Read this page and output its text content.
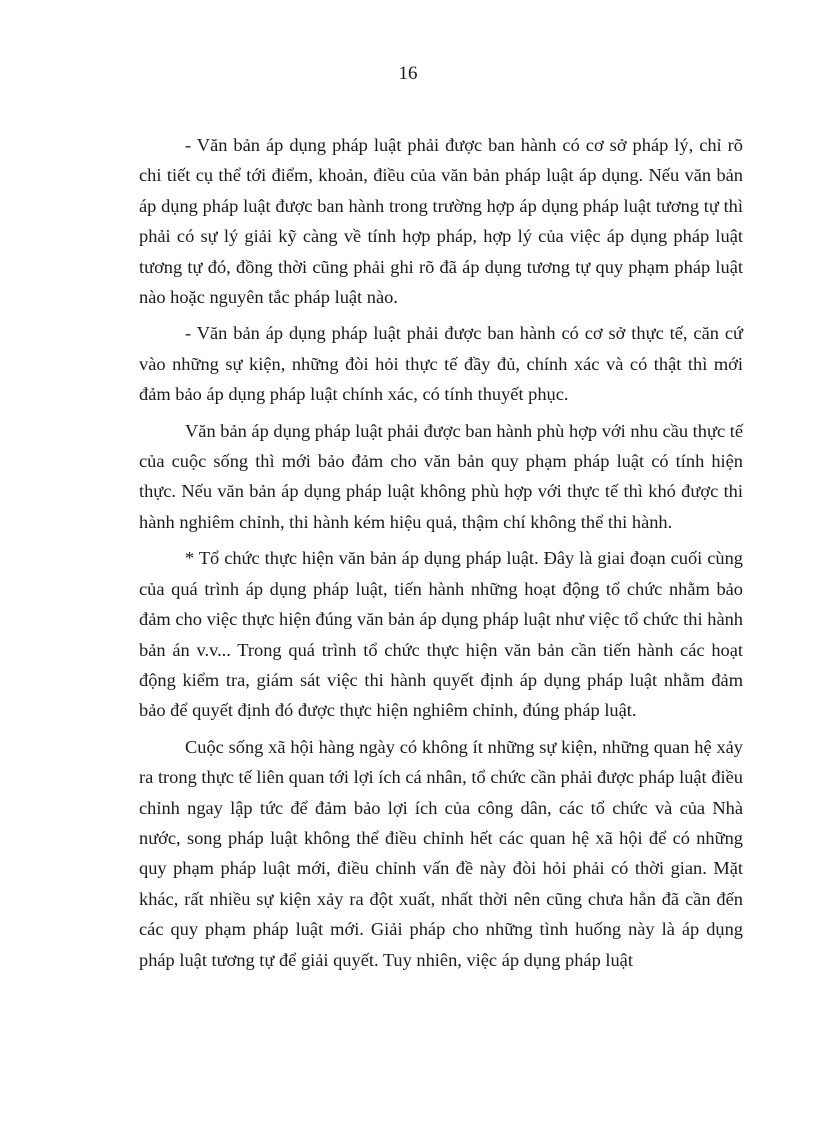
16

- Văn bản áp dụng pháp luật phải được ban hành có cơ sở pháp lý, chỉ rõ chi tiết cụ thể tới điểm, khoản, điều của văn bản pháp luật áp dụng. Nếu văn bản áp dụng pháp luật được ban hành trong trường hợp áp dụng pháp luật tương tự thì phải có sự lý giải kỹ càng về tính hợp pháp, hợp lý của việc áp dụng pháp luật tương tự đó, đồng thời cũng phải ghi rõ đã áp dụng tương tự quy phạm pháp luật nào hoặc nguyên tắc pháp luật nào.

- Văn bản áp dụng pháp luật phải được ban hành có cơ sở thực tế, căn cứ vào những sự kiện, những đòi hỏi thực tế đầy đủ, chính xác và có thật thì mới đảm bảo áp dụng pháp luật chính xác, có tính thuyết phục.

Văn bản áp dụng pháp luật phải được ban hành phù hợp với nhu cầu thực tế của cuộc sống thì mới bảo đảm cho văn bản quy phạm pháp luật có tính hiện thực. Nếu văn bản áp dụng pháp luật không phù hợp với thực tế thì khó được thi hành nghiêm chỉnh, thi hành kém hiệu quả, thậm chí không thể thi hành.

* Tổ chức thực hiện văn bản áp dụng pháp luật. Đây là giai đoạn cuối cùng của quá trình áp dụng pháp luật, tiến hành những hoạt động tổ chức nhằm bảo đảm cho việc thực hiện đúng văn bản áp dụng pháp luật như việc tổ chức thi hành bản án v.v... Trong quá trình tổ chức thực hiện văn bản cần tiến hành các hoạt động kiểm tra, giám sát việc thi hành quyết định áp dụng pháp luật nhằm đảm bảo để quyết định đó được thực hiện nghiêm chỉnh, đúng pháp luật.

Cuộc sống xã hội hàng ngày có không ít những sự kiện, những quan hệ xảy ra trong thực tế liên quan tới lợi ích cá nhân, tổ chức cần phải được pháp luật điều chỉnh ngay lập tức để đảm bảo lợi ích của công dân, các tổ chức và của Nhà nước, song pháp luật không thể điều chỉnh hết các quan hệ xã hội để có những quy phạm pháp luật mới, điều chỉnh vấn đề này đòi hỏi phải có thời gian. Mặt khác, rất nhiều sự kiện xảy ra đột xuất, nhất thời nên cũng chưa hẳn đã cần đến các quy phạm pháp luật mới. Giải pháp cho những tình huống này là áp dụng pháp luật tương tự để giải quyết. Tuy nhiên, việc áp dụng pháp luật
